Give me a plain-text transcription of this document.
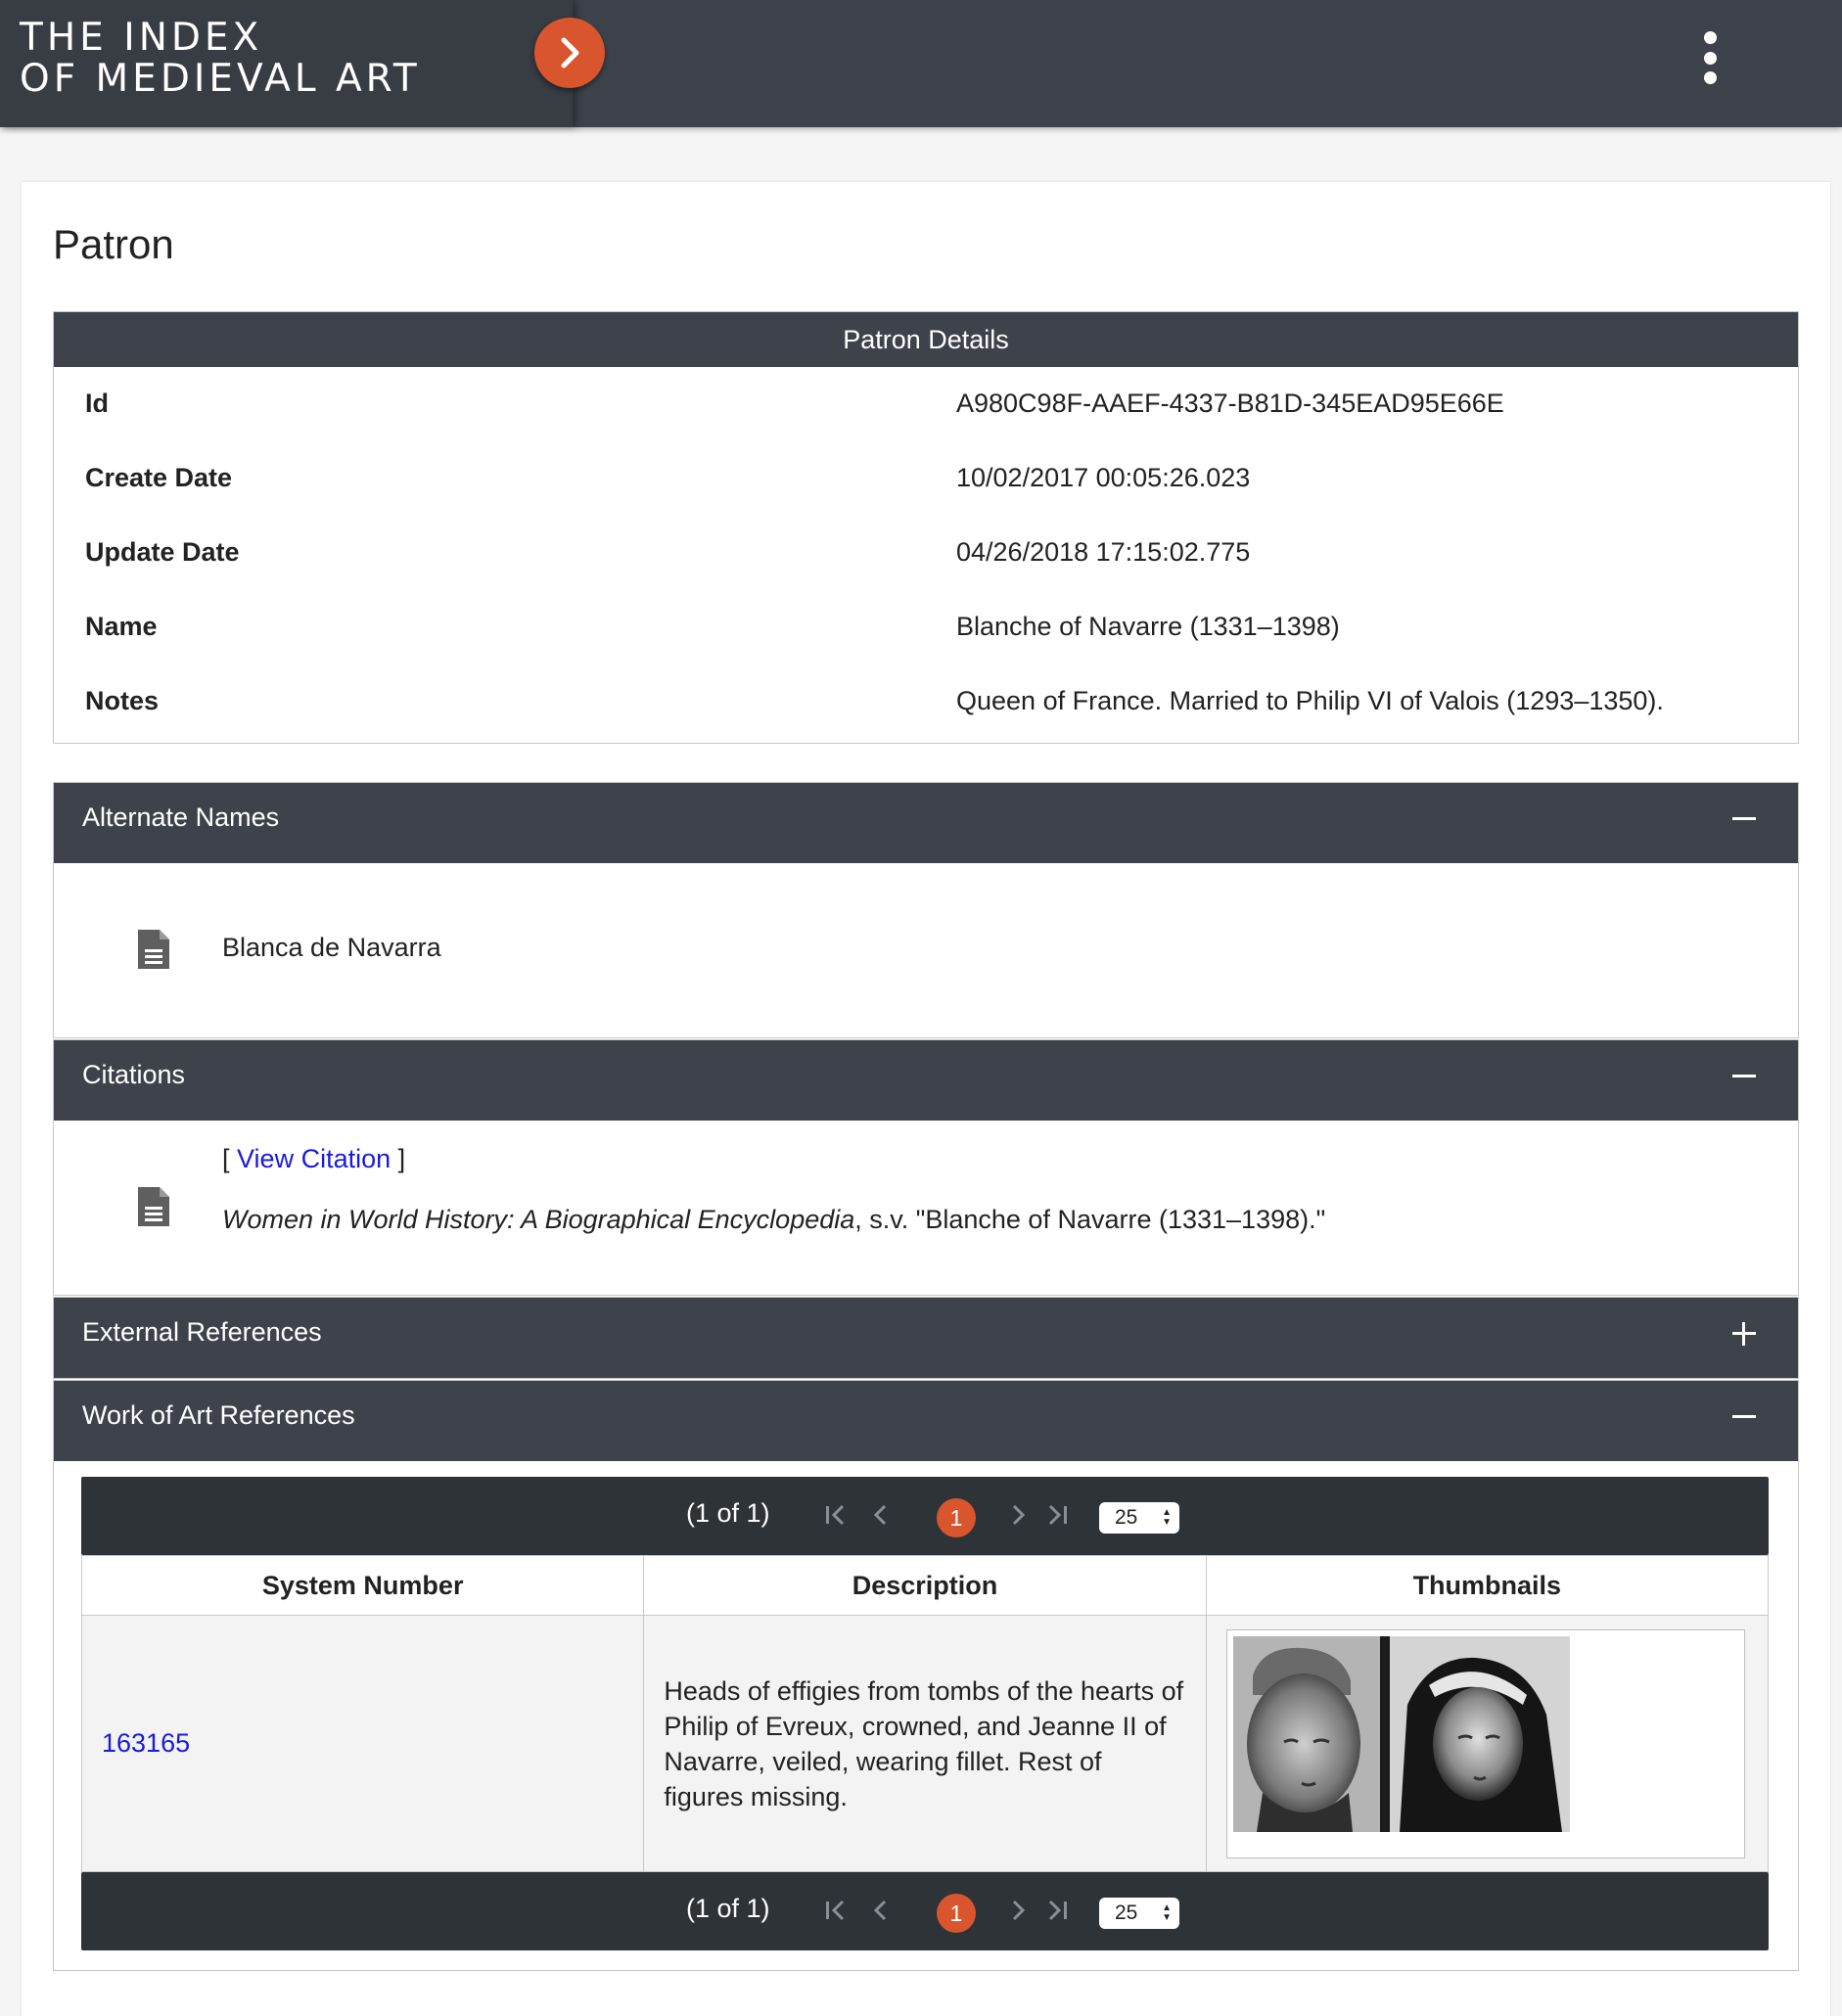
THE INDEX
OF MEDIEVAL ART
Patron
Patron Details
Id	A980C98F-AAEF-4337-B81D-345EAD95E66E
Create Date	10/02/2017 00:05:26.023
Update Date	04/26/2018 17:15:02.775
Name	Blanche of Navarre (1331–1398)
Notes	Queen of France. Married to Philip VI of Valois (1293–1350).
Alternate Names
Blanca de Navarra
Citations
[ View Citation ]
Women in World History: A Biographical Encyclopedia, s.v. "Blanche of Navarre (1331–1398)."
External References
Work of Art References
(1 of 1)	1	25 ▲
▼
System Number	Description	Thumbnails
163165	Heads of effigies from tombs of the hearts of Philip of Evreux, crowned, and Jeanne II of Navarre, veiled, wearing fillet. Rest of figures missing.

(1 of 1)	1	25 ▲
▼
